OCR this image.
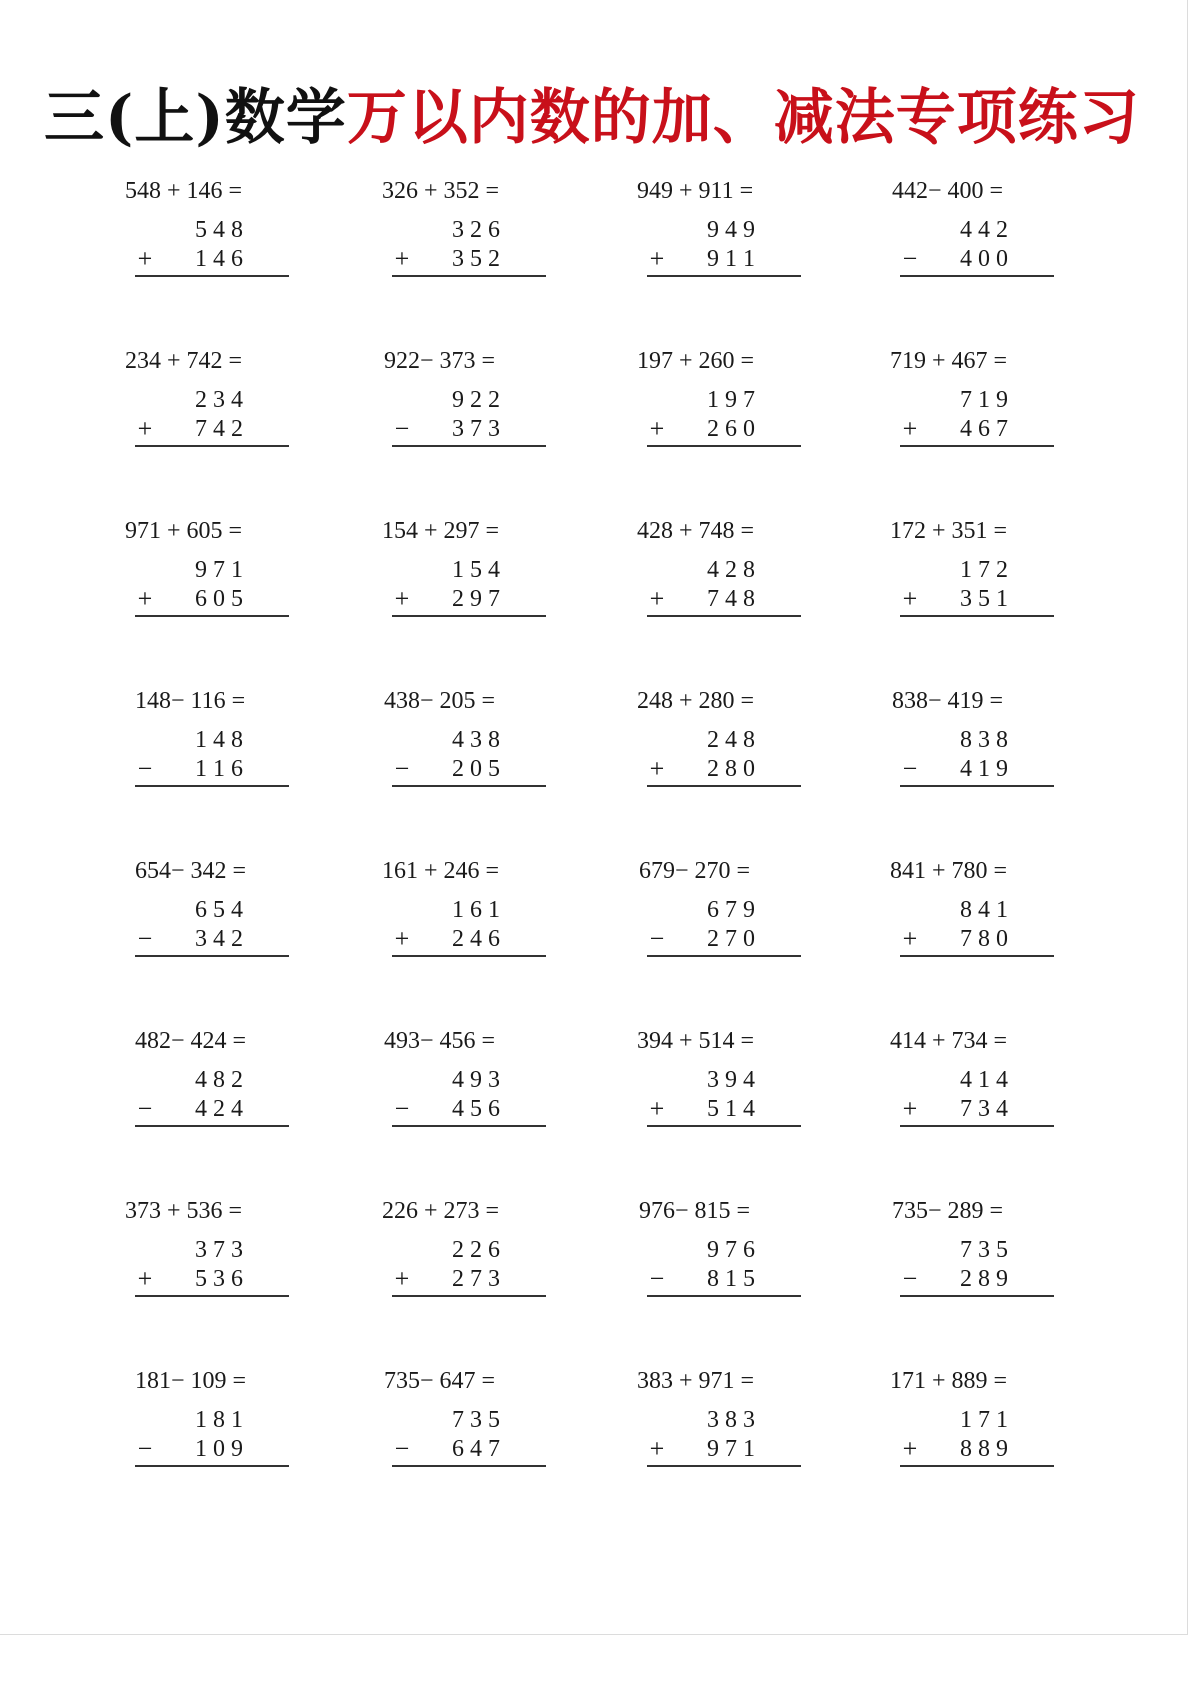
三(上)数学万以内数的加、减法专项练习
548 + 146 =
5 4 8
+ 1 4 6
326 + 352 =
3 2 6
+ 3 5 2
949 + 911 =
9 4 9
+ 9 1 1
442− 400 =
4 4 2
− 4 0 0
234 + 742 =
2 3 4
+ 7 4 2
922− 373 =
9 2 2
− 3 7 3
197 + 260 =
1 9 7
+ 2 6 0
719 + 467 =
7 1 9
+ 4 6 7
971 + 605 =
9 7 1
+ 6 0 5
154 + 297 =
1 5 4
+ 2 9 7
428 + 748 =
4 2 8
+ 7 4 8
172 + 351 =
1 7 2
+ 3 5 1
148− 116 =
1 4 8
− 1 1 6
438− 205 =
4 3 8
− 2 0 5
248 + 280 =
2 4 8
+ 2 8 0
838− 419 =
8 3 8
− 4 1 9
654− 342 =
6 5 4
− 3 4 2
161 + 246 =
1 6 1
+ 2 4 6
679− 270 =
6 7 9
− 2 7 0
841 + 780 =
8 4 1
+ 7 8 0
482− 424 =
4 8 2
− 4 2 4
493− 456 =
4 9 3
− 4 5 6
394 + 514 =
3 9 4
+ 5 1 4
414 + 734 =
4 1 4
+ 7 3 4
373 + 536 =
3 7 3
+ 5 3 6
226 + 273 =
2 2 6
+ 2 7 3
976− 815 =
9 7 6
− 8 1 5
735− 289 =
7 3 5
− 2 8 9
181− 109 =
1 8 1
− 1 0 9
735− 647 =
7 3 5
− 6 4 7
383 + 971 =
3 8 3
+ 9 7 1
171 + 889 =
1 7 1
+ 8 8 9
